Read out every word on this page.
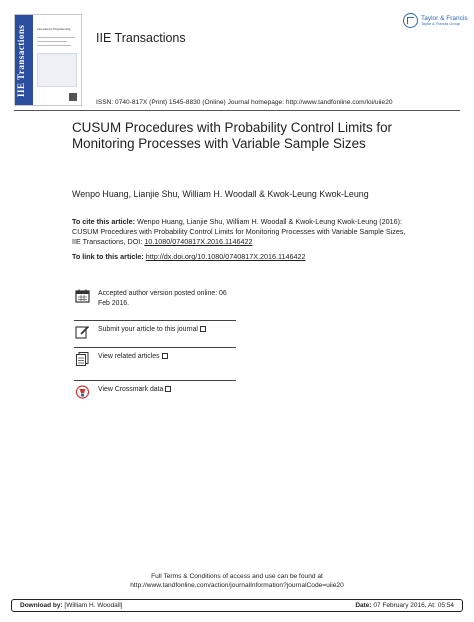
IIE Transactions	Operations Engineering
IIE Transactions
Taylor & Francis
Taylor & Francis Group
ISSN: 0740-817X (Print) 1545-8830 (Online) Journal homepage: http://www.tandfonline.com/loi/uiie20
CUSUM Procedures with Probability Control Limits for Monitoring Processes with Variable Sample Sizes
Wenpo Huang, Lianjie Shu, William H. Woodall & Kwok-Leung Kwok-Leung
To cite this article: Wenpo Huang, Lianjie Shu, William H. Woodall & Kwok-Leung Kwok-Leung (2016): CUSUM Procedures with Probability Control Limits for Monitoring Processes with Variable Sample Sizes, IIE Transactions, DOI: 10.1080/0740817X.2016.1146422
To link to this article: http://dx.doi.org/10.1080/0740817X.2016.1146422
Accepted author version posted online: 06 Feb 2016.
Submit your article to this journal
View related articles
View Crossmark data
Full Terms & Conditions of access and use can be found at
http://www.tandfonline.com/action/journalInformation?journalCode=uiie20
Download by: [William H. Woodall]	Date: 07 February 2016, At: 05:54
